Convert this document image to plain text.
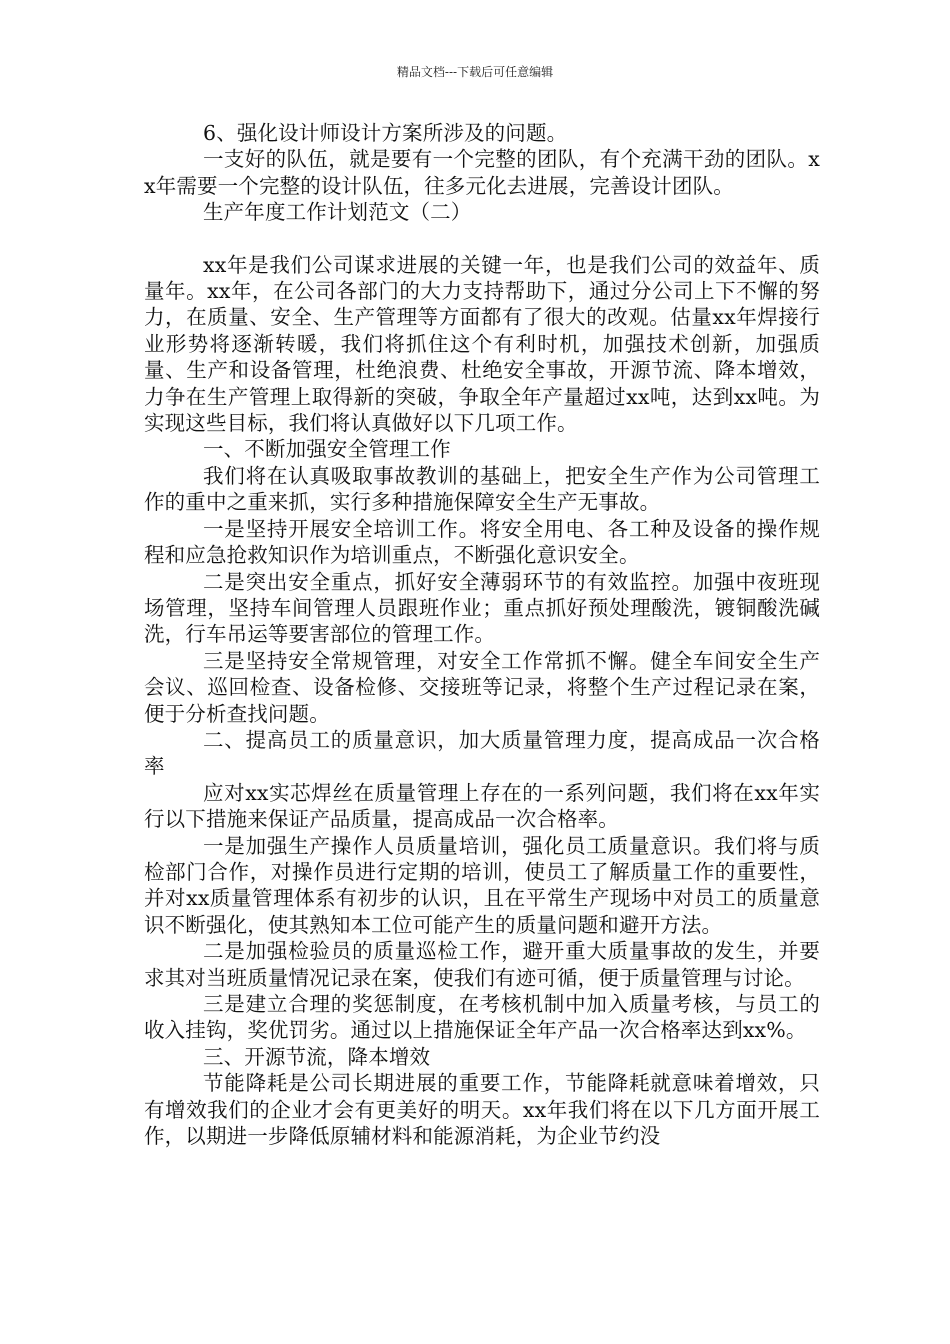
精品文档---下载后可任意编辑

6、强化设计师设计方案所涉及的问题。

一支好的队伍，就是要有一个完整的团队，有个充满干劲的团队。xx年需要一个完整的设计队伍，往多元化去进展，完善设计团队。

生产年度工作计划范文（二）

xx年是我们公司谋求进展的关键一年，也是我们公司的效益年、质量年。xx年，在公司各部门的大力支持帮助下，通过分公司上下不懈的努力，在质量、安全、生产管理等方面都有了很大的改观。估量xx年焊接行业形势将逐渐转暖，我们将抓住这个有利时机，加强技术创新，加强质量、生产和设备管理，杜绝浪费、杜绝安全事故，开源节流、降本增效，力争在生产管理上取得新的突破，争取全年产量超过xx吨，达到xx吨。为实现这些目标，我们将认真做好以下几项工作。

一、不断加强安全管理工作

我们将在认真吸取事故教训的基础上，把安全生产作为公司管理工作的重中之重来抓，实行多种措施保障安全生产无事故。

一是坚持开展安全培训工作。将安全用电、各工种及设备的操作规程和应急抢救知识作为培训重点，不断强化意识安全。

二是突出安全重点，抓好安全薄弱环节的有效监控。加强中夜班现场管理，坚持车间管理人员跟班作业；重点抓好预处理酸洗，镀铜酸洗碱洗，行车吊运等要害部位的管理工作。

三是坚持安全常规管理，对安全工作常抓不懈。健全车间安全生产会议、巡回检查、设备检修、交接班等记录，将整个生产过程记录在案，便于分析查找问题。

二、提高员工的质量意识，加大质量管理力度，提高成品一次合格率

应对xx实芯焊丝在质量管理上存在的一系列问题，我们将在xx年实行以下措施来保证产品质量，提高成品一次合格率。

一是加强生产操作人员质量培训，强化员工质量意识。我们将与质检部门合作，对操作员进行定期的培训，使员工了解质量工作的重要性，并对xx质量管理体系有初步的认识，且在平常生产现场中对员工的质量意识不断强化，使其熟知本工位可能产生的质量问题和避开方法。

二是加强检验员的质量巡检工作，避开重大质量事故的发生，并要求其对当班质量情况记录在案，使我们有迹可循，便于质量管理与讨论。

三是建立合理的奖惩制度，在考核机制中加入质量考核，与员工的收入挂钩，奖优罚劣。通过以上措施保证全年产品一次合格率达到xx%。

三、开源节流，降本增效

节能降耗是公司长期进展的重要工作，节能降耗就意味着增效，只有增效我们的企业才会有更美好的明天。xx年我们将在以下几方面开展工作，以期进一步降低原辅材料和能源消耗，为企业节约没
